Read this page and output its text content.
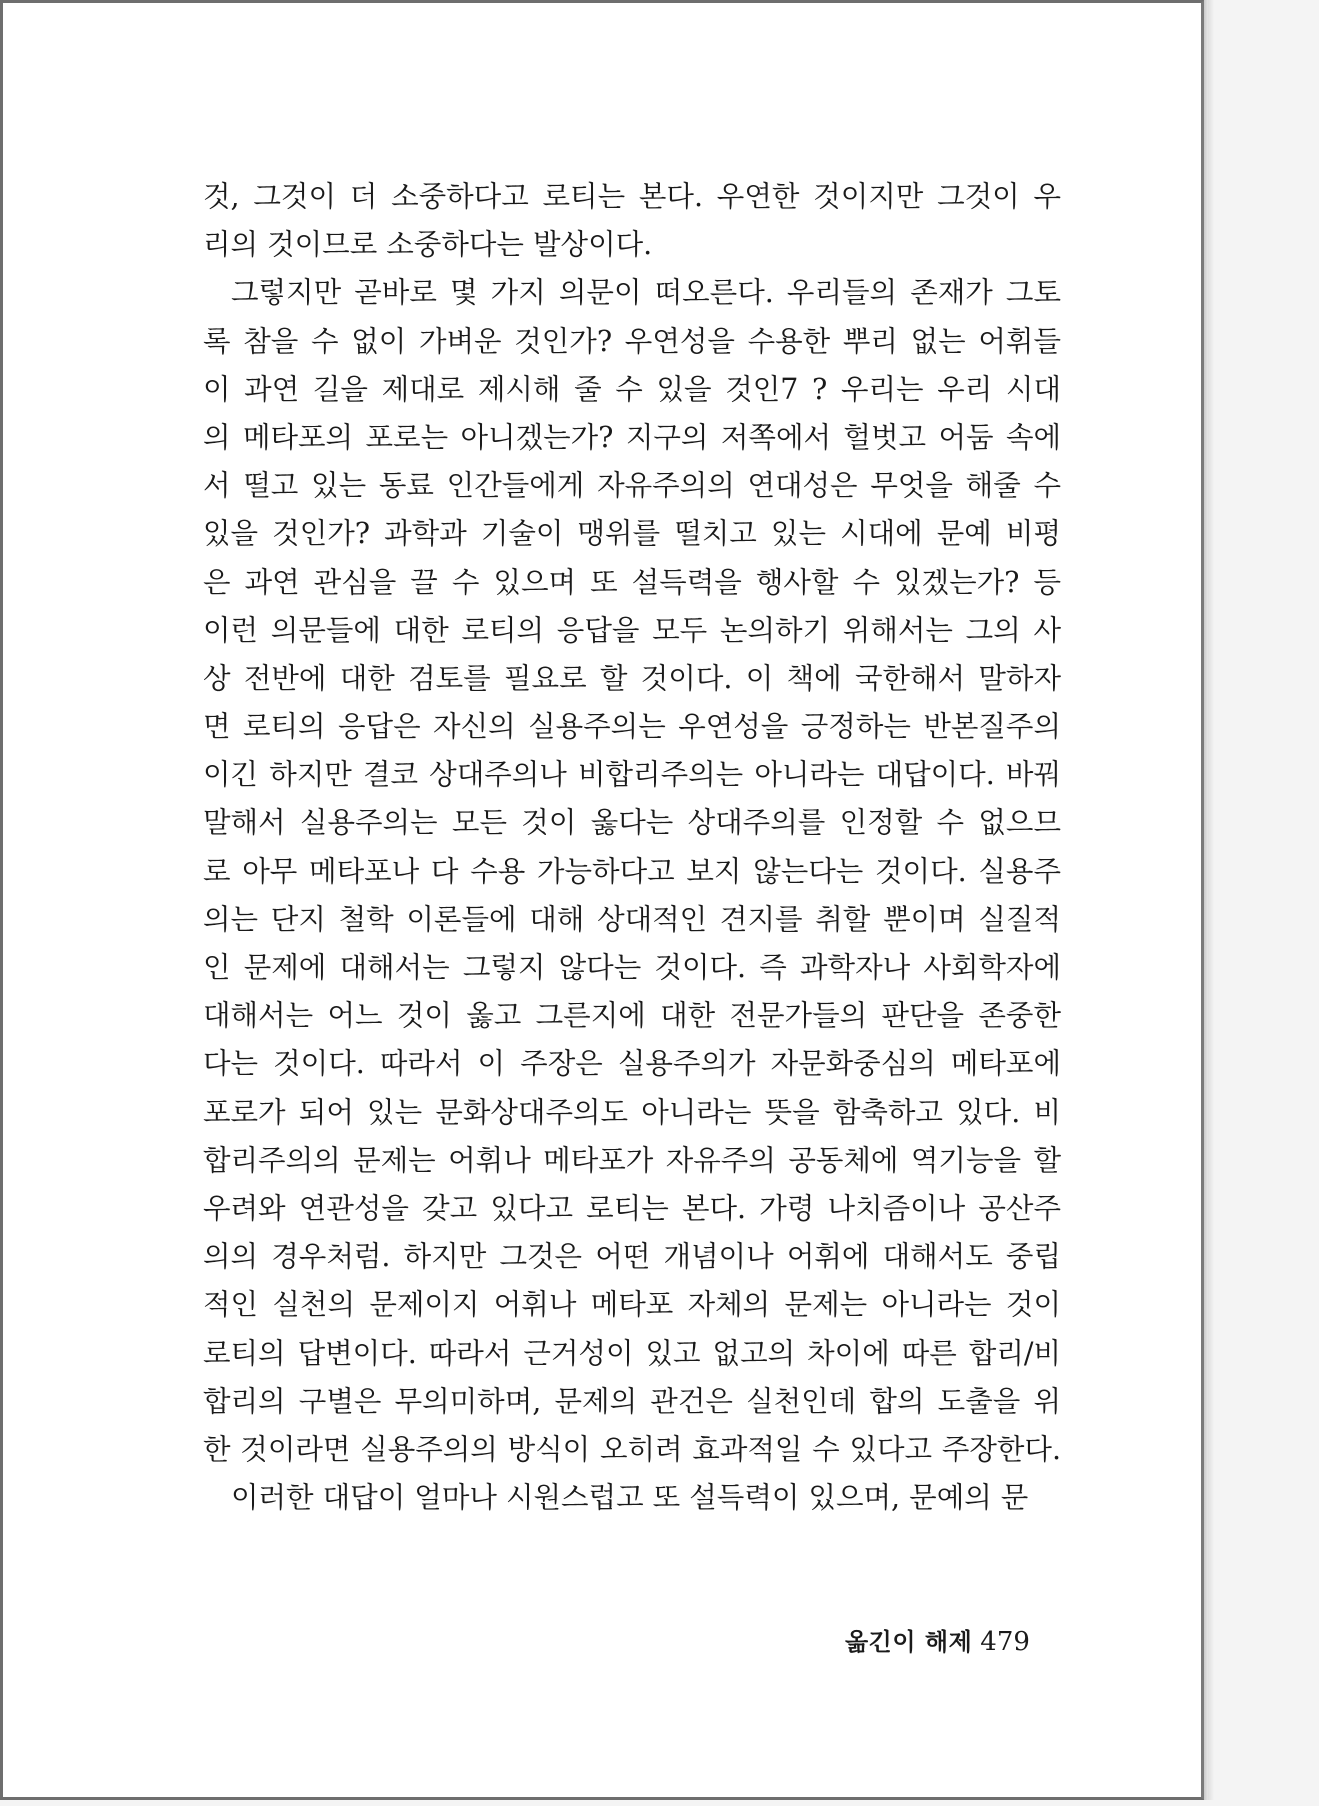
것, 그것이 더 소중하다고 로티는 본다. 우연한 것이지만 그것이 우
리의 것이므로 소중하다는 발상이다.
그렇지만 곧바로 몇 가지 의문이 떠오른다. 우리들의 존재가 그토
록 참을 수 없이 가벼운 것인가? 우연성을 수용한 뿌리 없는 어휘들
이 과연 길을 제대로 제시해 줄 수 있을 것인7 ? 우리는 우리 시대
의 메타포의 포로는 아니겠는가? 지구의 저쪽에서 헐벗고 어둠 속에
서 떨고 있는 동료 인간들에게 자유주의의 연대성은 무엇을 해줄 수
있을 것인가? 과학과 기술이 맹위를 떨치고 있는 시대에 문예 비평
은 과연 관심을 끌 수 있으며 또 설득력을 행사할 수 있겠는가? 등
이런 의문들에 대한 로티의 응답을 모두 논의하기 위해서는 그의 사
상 전반에 대한 검토를 필요로 할 것이다. 이 책에 국한해서 말하자
면 로티의 응답은 자신의 실용주의는 우연성을 긍정하는 반본질주의
이긴 하지만 결코 상대주의나 비합리주의는 아니라는 대답이다. 바꿔
말해서 실용주의는 모든 것이 옳다는 상대주의를 인정할 수 없으므
로 아무 메타포나 다 수용 가능하다고 보지 않는다는 것이다. 실용주
의는 단지 철학 이론들에 대해 상대적인 견지를 취할 뿐이며 실질적
인 문제에 대해서는 그렇지 않다는 것이다. 즉 과학자나 사회학자에
대해서는 어느 것이 옳고 그른지에 대한 전문가들의 판단을 존중한
다는 것이다. 따라서 이 주장은 실용주의가 자문화중심의 메타포에
포로가 되어 있는 문화상대주의도 아니라는 뜻을 함축하고 있다. 비
합리주의의 문제는 어휘나 메타포가 자유주의 공동체에 역기능을 할
우려와 연관성을 갖고 있다고 로티는 본다. 가령 나치즘이나 공산주
의의 경우처럼. 하지만 그것은 어떤 개념이나 어휘에 대해서도 중립
적인 실천의 문제이지 어휘나 메타포 자체의 문제는 아니라는 것이
로티의 답변이다. 따라서 근거성이 있고 없고의 차이에 따른 합리/비
합리의 구별은 무의미하며, 문제의 관건은 실천인데 합의 도출을 위
한 것이라면 실용주의의 방식이 오히려 효과적일 수 있다고 주장한다.
이러한 대답이 얼마나 시원스럽고 또 설득력이 있으며, 문예의 문
옮긴이 해제 479
